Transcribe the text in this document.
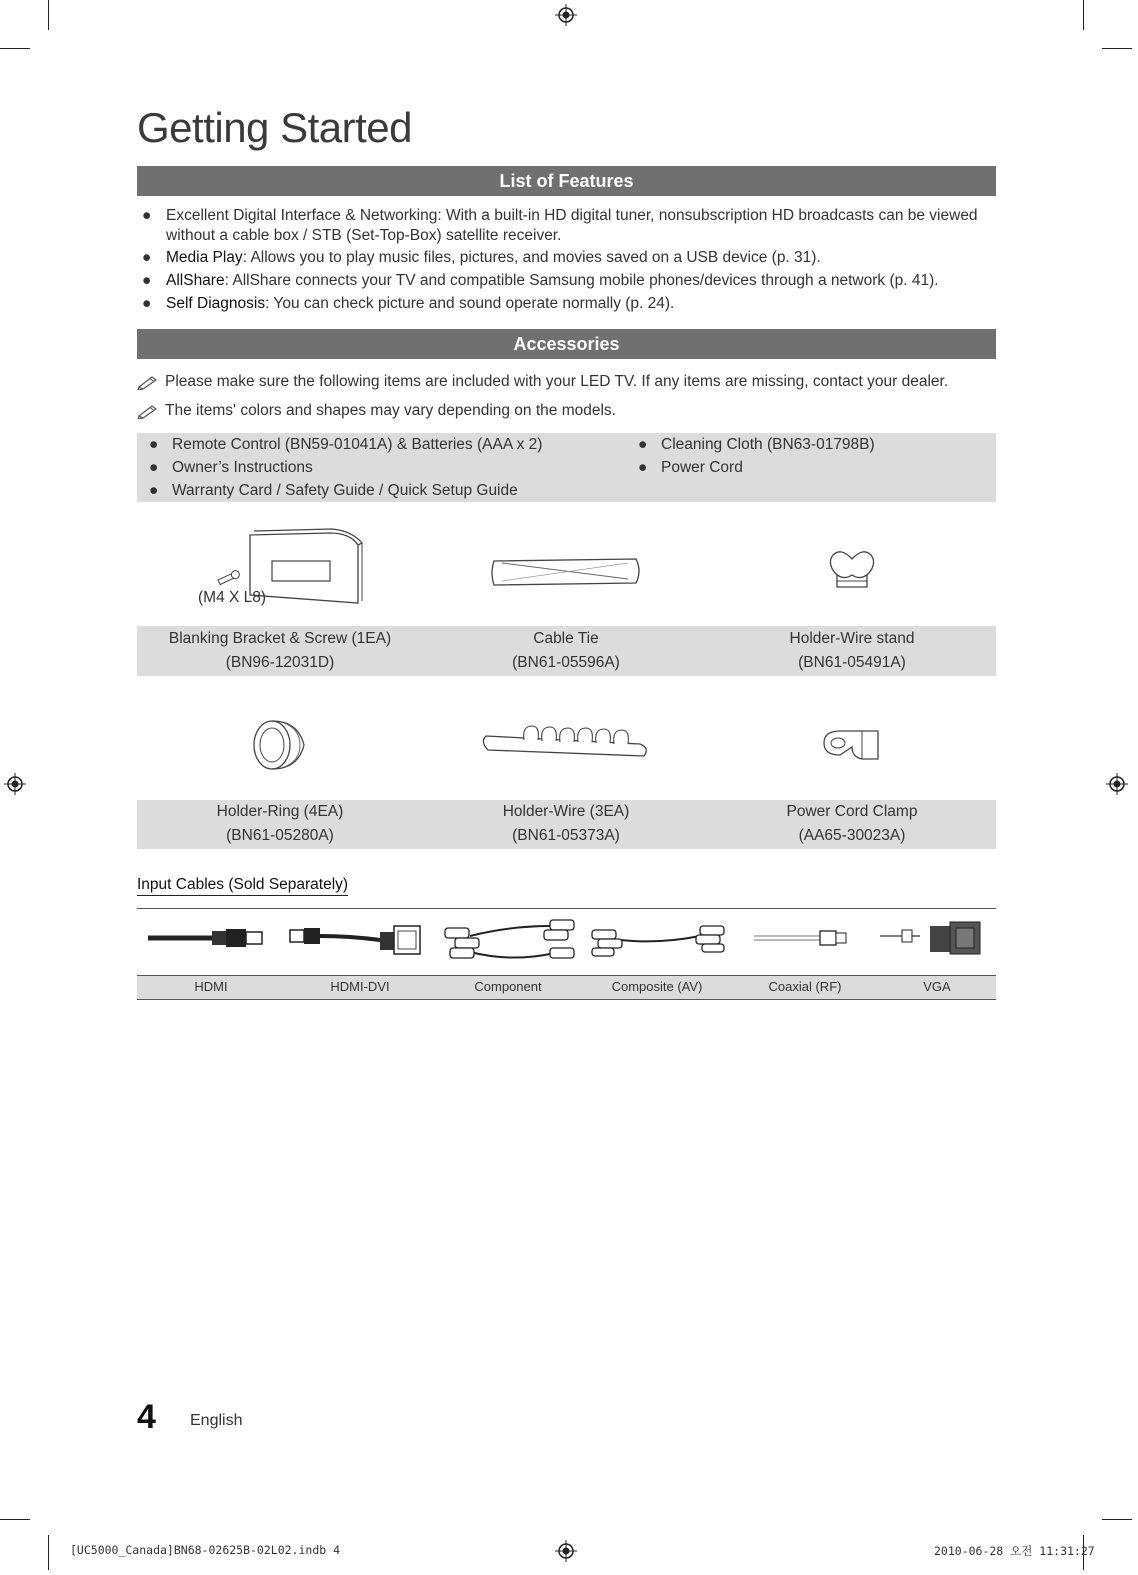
Getting Started
List of Features
● Excellent Digital Interface & Networking: With a built-in HD digital tuner, nonsubscription HD broadcasts can be viewed
without a cable box / STB (Set-Top-Box) satellite receiver.
● Media Play: Allows you to play music files, pictures, and movies saved on a USB device (p. 31).
● AllShare: AllShare connects your TV and compatible Samsung mobile phones/devices through a network (p. 41).
● Self Diagnosis: You can check picture and sound operate normally (p. 24).
Accessories
Please make sure the following items are included with your LED TV. If any items are missing, contact your dealer.
The items' colors and shapes may vary depending on the models.
● Remote Control (BN59-01041A) & Batteries (AAA x 2)
● Owner’s Instructions
● Warranty Card / Safety Guide / Quick Setup Guide
● Cleaning Cloth (BN63-01798B)
● Power Cord
(M4 X L8)
Blanking Bracket & Screw (1EA)
(BN96-12031D)
Cable Tie
(BN61-05596A)
Holder-Wire stand
(BN61-05491A)
Holder-Ring (4EA)
(BN61-05280A)
Holder-Wire (3EA)
(BN61-05373A)
Power Cord Clamp
(AA65-30023A)
Input Cables (Sold Separately)
HDMI	HDMI-DVI	Component	Composite (AV)	Coaxial (RF)	VGA
4 English
[UC5000_Canada]BN68-02625B-02L02.indb 4	2010-06-28 오전 11:31:27
